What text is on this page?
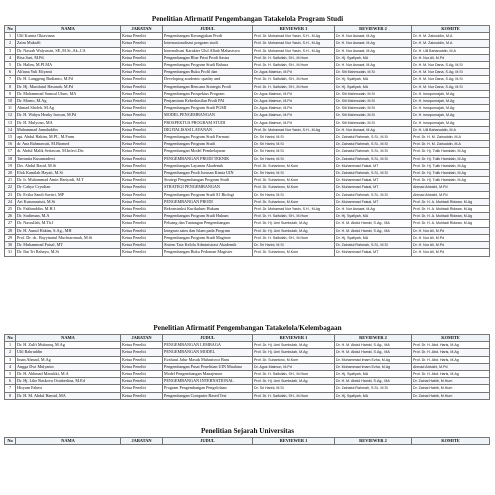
Penelitian Afirmatif Pengembangan Tatakelola Program Studi
No	NAMA	JABATAN	JUDUL	REVIEWER 1	REVIEWER 2	KOMITE
1	Ulil Kurnia Oktaviana	Ketua Peneliti	Pengembangan Kerangjakan Prodi	Prof. Dr. Mohamad Nur Yasin, S.H., M.Ag	Dr. H. Nur Asnawi, M.Ag	Dr. H. M. Zainuddin, M.A
2	Zaim Mukaffi	Ketua Peneliti	Internasionalisasi program studi	Prof. Dr. Mohamad Nur Yasin, S.H., M.Ag	Dr. H. Nur Asnawi, M.Ag	Dr. H. M. Zainuddin, M.A
3	Dr. Nasrah Walyassin, SE.,M.Si.,Ak.,CA	Ketua Peneliti	Internalisasi Karakter Ulul Albab Mahasiswa	Prof. Dr. Mohamad Nur Yasin, S.H., M.Ag	Dr. H. Nur Asnawi, M.Ag	Dr. H. Ulil Baharuddin, M.A
4	Risa Sari, M.Pd.	Ketua Peneliti	Pengembangan Blue Print Prodi Sastra	Prof. Dr. H. Saifullah, SH., M.Hum	Dr. Hj. Syafiyah, MA	Dr. H. Nur Ali, M.Pd
5	Dr. Halim, M.PI.MA	Ketua Peneliti	Pengembangan Program Studi Bahasa	Prof. Dr. H. Saifullah, SH., M.Hum	Dr. H. Nur Asnawi, M.Ag	Dr. H. M. Nur Dana, S.Ag, M.Si
6	Alfiana Yuli Efiyanti	Ketua Peneliti	Pengembangan Buku Profil dan	Dr. Agus Maimun, M.Pd	Dr. Siti Mahmudah, M.Si	Dr. H. M. Nur Dana, S.Ag, M.Si
7	Dr. H. Langgeng Budianto, M.Pd	Ketua Peneliti	Developing academic quality and	Prof. Dr. H. Saifullah, SH., M.Hum	Dr. Hj. Syafiyah, MA	Dr. H. M. Nur Dana, S.Ag, M.Si
8	Dr. Hj. Munifatul Hasanah, M.Pd	Ketua Peneliti	Pengembangan Rencana Strategis Prodi	Prof. Dr. H. Saifullah, SH., M.Hum	Dr. Hj. Syafiyah, MA	Dr. H. M. Nur Dana, S.Ag, M.Si
9	Dr. Mohammad Samsul Ulum, MA	Ketua Peneliti	Pengembangan Prospektus Program	Dr. Agus Maimun, M.Pd	Dr. Siti Mahmudah, M.Si	Dr. H. Isroqunnajah, M.Ag
10	Dr. Marno, M.Ag	Ketua Peneliti	Penjaminan Keberhasilan Prodi PAI	Dr. Agus Maimun, M.Pd	Dr. Siti Mahmudah, M.Si	Dr. H. Isroqunnajah, M.Ag
11	Ahmad Sholeh, M.Ag	Ketua Peneliti	Pengembangan Program Studi PGMI	Dr. Agus Maimun, M.Pd	Dr. Siti Mahmudah, M.Si	Dr. H. Isroqunnajah, M.Ag
12	Dr. H. Wahyu Henky Irawan, M.Pd	Ketua Peneliti	MODEL PENGEMBANGAN	Dr. Agus Maimun, M.Pd	Dr. Siti Mahmudah, M.Si	Dr. H. Isroqunnajah, M.Ag
13	Dr. H. Mulyono, MA	Ketua Peneliti	PROSPEKTUS PROGRAM STUDI	Dr. Agus Maimun, M.Pd	Dr. Siti Mahmudah, M.Si	Dr. H. Isroqunnajah, M.Ag
14	Muhammad Jamaluddin	Ketua Peneliti	DIGITALISASI LAYANAN	Prof. Dr. Mohamad Nur Yasin, S.H., M.Ag	Dr. H. Nur Asnawi, M.Ag	Dr. H. Ulil Baharuddin, M.A
15	apt. Abdul Hakim, M.PI., M.Farm	Ketua Peneliti	Pengembangan Program Studi Farmasi	Dr. Sri Harini, M.Si	Dr. Zainatul Rahmah, S.Si., M.Si	Prof. Dr. H. M. Zainuddin, M.A
16	dr. Ana Rahmawati, M.Biomed	Ketua Peneliti	Pengembangan Program Studi	Dr. Sri Harini, M.Si	Dr. Zainatul Rahmah, S.Si., M.Si	Prof. Dr. H. M. Zainuddin, M.A
17	dr. Abdul Malik Setiawan, M.Infect.Dis	Ketua Peneliti	Pengembangan Model Pembelajaran	Dr. Sri Harini, M.Si	Dr. Zainatul Rahmah, S.Si., M.Si	Prof. Dr. Hj. Tutik Hamidah, M.Ag
18	Tarranita Kusumadewi	Ketua Peneliti	PENGEMBANGAN PRODI TEKNIK	Dr. Sri Harini, M.Si	Dr. Zainatul Rahmah, S.Si., M.Si	Prof. Dr. Hj. Tutik Hamidah, M.Ag
19	Drs. Abdul Basid, M.Si	Ketua Peneliti	Pengembangan Layanan Akademik	Prof. Dr. Suhartono, M.Kom	Dr. Muhammad Faisal, MT	Prof. Dr. Hj. Tutik Hamidah, M.Ag
20	Elok Kamilah Hayati, M.Si	Ketua Peneliti	Pengembangan Prodi Jurusan Kimia UIN	Dr. Sri Harini, M.Si	Dr. Zainatul Rahmah, S.Si., M.Si	Prof. Dr. Hj. Tutik Hamidah, M.Ag
21	Dr. Ir. Muhammad Amin Hariyadi, M.T	Ketua Peneliti	Strategi Pengembangan Program Studi	Prof. Dr. Suhartono, M.Kom	Dr. Muhammad Faisal, MT	Prof. Dr. Hj. Tutik Hamidah, M.Ag
22	Dr. Cahyo Crysdian	Ketua Peneliti	STRATEGI PENGEMBANGAN	Prof. Dr. Suhartono, M.Kom	Dr. Muhammad Faisal, MT	Ahmad Abtokhi, M.Pd
23	Dr. Evika Sandi Savitri, MP	Ketua Peneliti	Pengembangan Program Studi S1 Biologi	Dr. Sri Harini, M.Si	Dr. Zainatul Rahmah, S.Si., M.Si	Ahmad Abtokhi, M.Pd
24	Ari Kusumastuti, M.Si	Ketua Peneliti	PENGEMBANGAN PRODI	Prof. Dr. Suhartono, M.Kom	Dr. Muhammad Faisal, MT	Prof. Dr. H. A. Muhtadi Ridwan, M.Ag
25	Dr. Fakhruddin, M.H.I	Ketua Peneliti	Rekonstruksi Kurikulum Hukum	Prof. Dr. Mohamad Nur Yasin, S.H., M.Ag	Dr. H. Nur Asnawi, M.Ag	Prof. Dr. H. A. Muhtadi Ridwan, M.Ag
26	Dr. Sudirman, M.A	Ketua Peneliti	Pengembangan Program Studi Hukum	Prof. Dr. H. Saifullah, SH., M.Hum	Dr. Hj. Syafiyah, MA	Prof. Dr. H. A. Muhtadi Ridwan, M.Ag
27	Dr. Nasrullah, M.Th.I	Ketua Peneliti	Peluang dan Tantangan Pengembangan	Prof. Dr. Hj. Umi Sumbulah, M.Ag	Dr. H. M. Abdul Hamid, S.Ag., MA	Prof. Dr. H. A. Muhtadi Ridwan, M.Ag
28	Dr. H. Aunul Hakim, S.Ag., MH	Ketua Peneliti	Integrasi sains dan Islam pada Program	Prof. Dr. Hj. Umi Sumbulah, M.Ag	Dr. H. M. Abdul Hamid, S.Ag., MA	Dr. H. Nur Ali, M.Pd
29	Prof. Dr. dr.. Bayyinatul Muchtaromah, M.Si	Ketua Peneliti	Pengembangan Program Studi Magister	Prof. Dr. H. Saifullah, SH., M.Hum	Dr. Hj. Syafiyah, MA	Dr. H. Nur Ali, M.Pd
30	Dr. Muhammad Faisal, MT	Ketua Peneliti	Sistem Tata Kelola Administrasi Akademik	Dr. Sri Harini, M.Si	Dr. Zainatul Rahmah, S.Si., M.Si	Dr. H. Nur Ali, M.Pd
31	Dr. Ibn Tri Rahayu, M.Si	Ketua Peneliti	Pengembangan Buku Pedoman Magister	Prof. Dr. Suhartono, M.Kom	Dr. Muhammad Faisal, MT	Dr. H. Nur Ali, M.Pd
Penelitian Afirmatif Pengembangan Tatakelola/Kelembagaan
No	NAMA	JABATAN	JUDUL	REVIEWER 1	REVIEWER 2	KOMITE
1	Dr. H. Zulfi Mubaraq, M.Ag	Ketua Peneliti	PENGEMBANGAN LEMBAGA	Prof. Dr. Hj. Umi Sumbulah, M.Ag	Dr. H. M. Abdul Hamid, S.Ag., MA	Prof. Dr. H. Abd. Haris, M.Ag
2	Ulil Bahruddin	Ketua Peneliti	PENGEMBANGAN MODEL	Prof. Dr. Hj. Umi Sumbulah, M.Ag	Dr. H. M. Abdul Hamid, S.Ag., MA	Prof. Dr. H. Abd. Haris, M.Ag
3	Iman Ahmad, M.Ag	Ketua Peneliti	Evaluasi Jalur Masuk Mahasiswa Baru	Prof. Dr. Suhartono, M.Kom	Dr. Muhammad Imam Ezha, M.Ag	Prof. Dr. H. Abd. Haris, M.Ag
4	Angga Dwi Mulyanto	Ketua Peneliti	Pengembangan Pusat Penelitian UIN Maulana	Dr. Agus Maimun, M.Pd	Dr. Muhammad Imam Ezha, M.Ag	Ahmad Abtokhi, M.Pd
5	Dr. H. Akhmad Mzoukki, M.A	Ketua Peneliti	Model Pengembangan Manajemen	Prof. Dr. H. Saifullah, SH., M.Hum	Dr. Hj. Syafiyah, MA	Prof. Dr. H. Abd. Haris, M.Ag
6	Dr. Hj. Like Raskova Octaberlina, M.Ed	Ketua Peneliti	PENGEMBANGAN INTERNATIONAL	Prof. Dr. Hj. Umi Sumbulah, M.Ag	Dr. H. M. Abdul Hamid, S.Ag., MA	Dr. Zainal Habib, M.Hum
7	Hisyam Fahmi	Ketua Peneliti	Program Pengembangan Pengelolaan	Dr. Sri Harini, M.Si	Dr. Zainatul Rahmah, S.Si., M.Si	Dr. Zainal Habib, M.Hum
8	Dr. H. M. Abdul Hamid, MA	Ketua Peneliti	Pengembangan Computer Based Test	Prof. Dr. H. Saifullah, SH., M.Hum	Dr. Hj. Syafiyah, MA	Dr. Zainal Habib, M.Hum
Penelitian Sejarah Universitas
No	NAMA	JABATAN	JUDUL	REVIEWER 1	REVIEWER 2	KOMITE
